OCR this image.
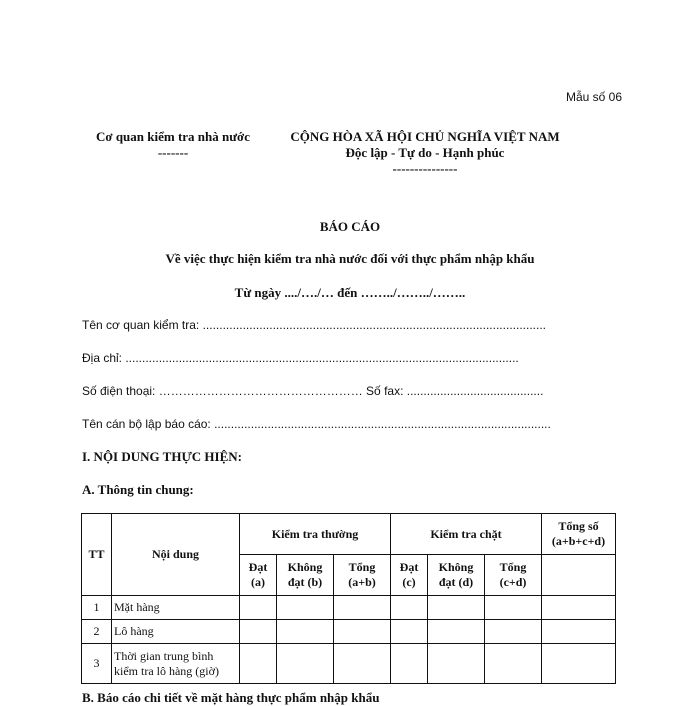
Mẫu số 06
Cơ quan kiểm tra nhà nước
-------
CỘNG HÒA XÃ HỘI CHỦ NGHĨA VIỆT NAM
Độc lập - Tự do - Hạnh phúc
---------------
BÁO CÁO
Về việc thực hiện kiểm tra nhà nước đối với thực phẩm nhập khẩu
Từ ngày ..../…./… đến ……../……../……..
Tên cơ quan kiểm tra: .......................................................................................................
Địa chỉ: ......................................................................................................................
Số điện thoại: …………………………………………… Số fax: .........................................
Tên cán bộ lập báo cáo: .....................................................................................................
I. NỘI DUNG THỰC HIỆN:
A. Thông tin chung:
TT	Nội dung	Kiểm tra thường			Kiểm tra chặt			Tổng số (a+b+c+d)
		Đạt (a)	Không đạt (b)	Tổng (a+b)	Đạt (c)	Không đạt (d)	Tổng (c+d)	
1	Mặt hàng							
2	Lô hàng							
3	Thời gian trung bình kiểm tra lô hàng (giờ)							
B. Báo cáo chi tiết về mặt hàng thực phẩm nhập khẩu
